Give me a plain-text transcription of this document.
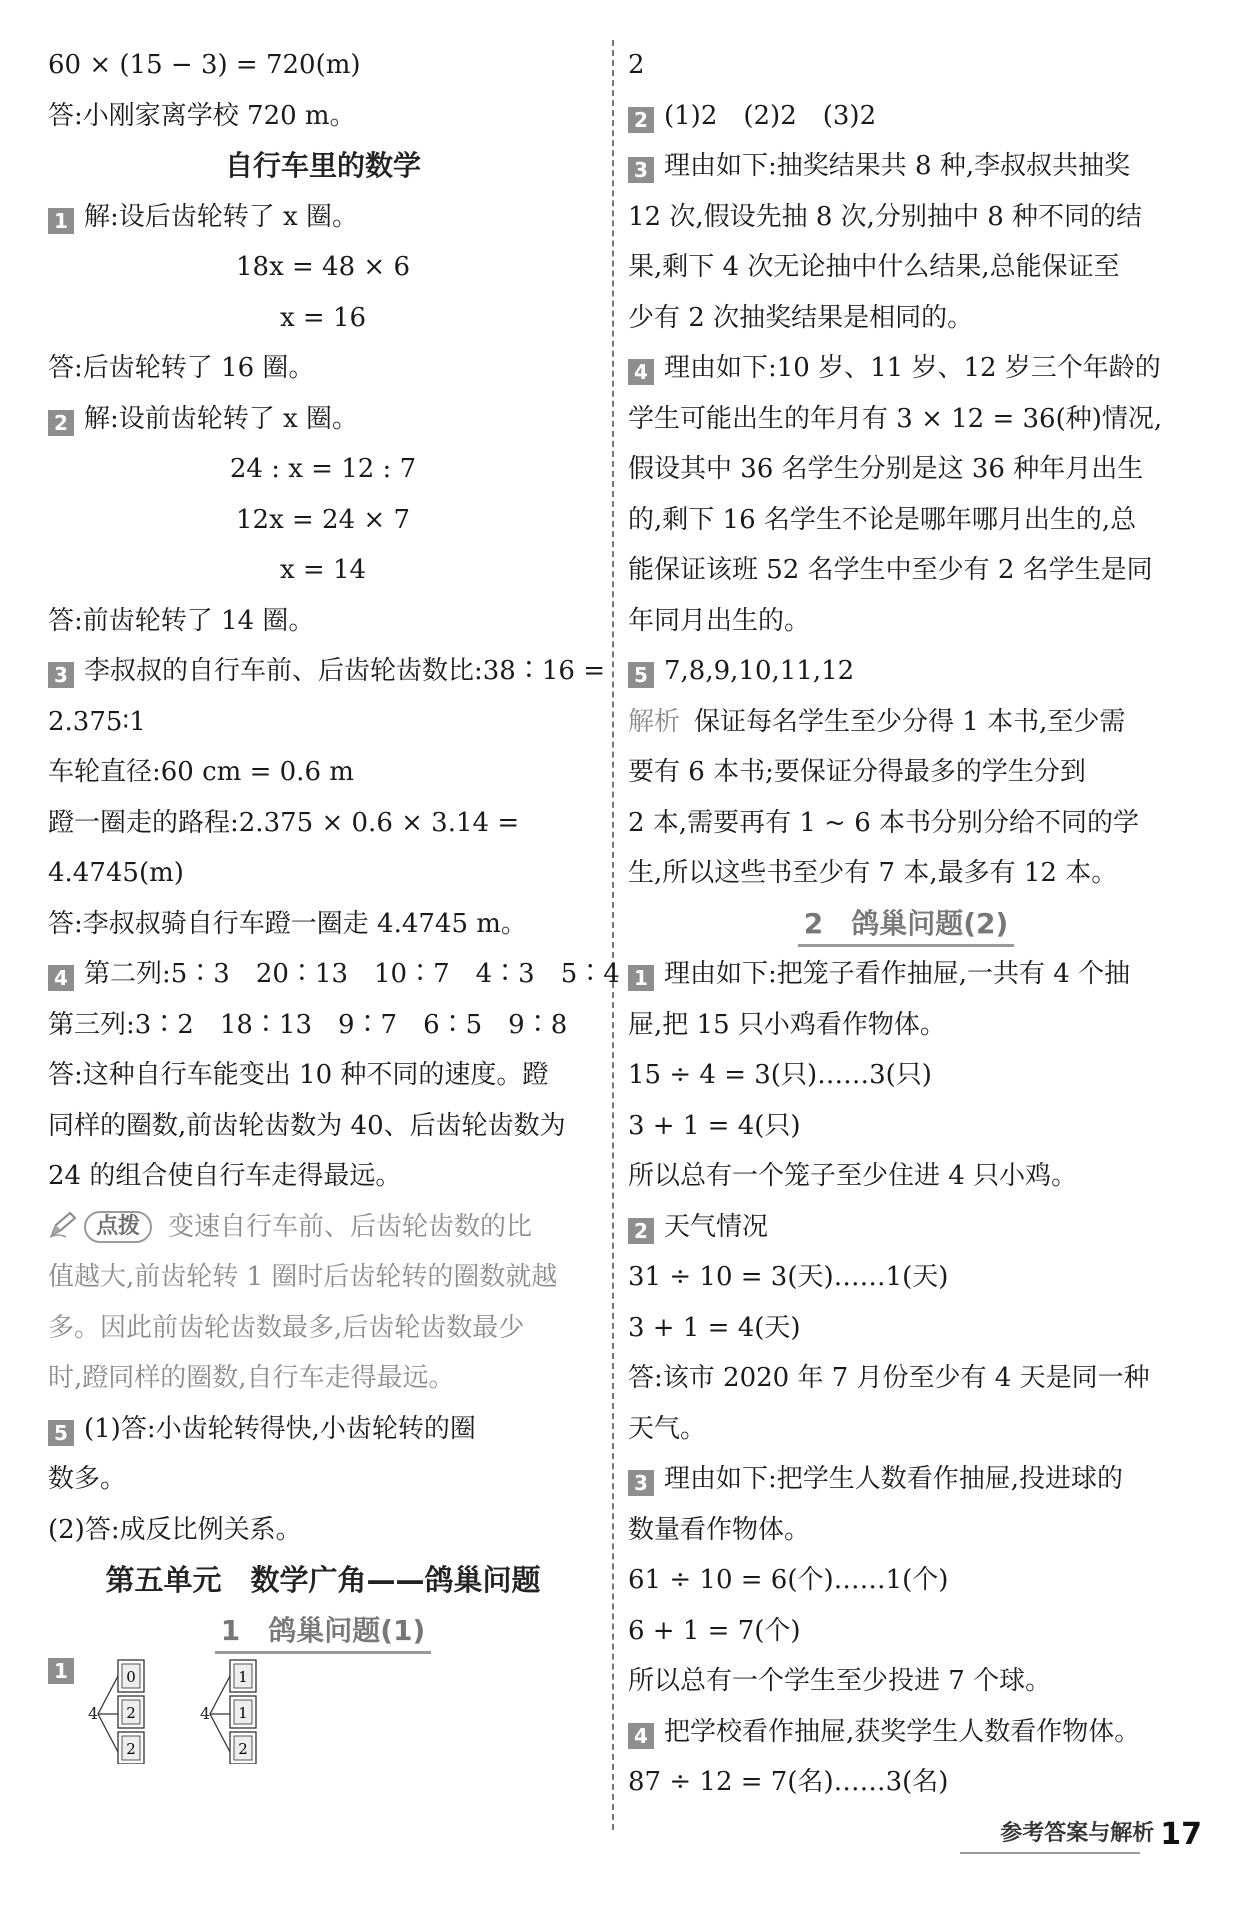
60 × (15 − 3) = 720(m)
答:小刚家离学校 720 m。
自行车里的数学
1 解:设后齿轮转了 x 圈。
18x = 48 × 6
x = 16
答:后齿轮转了 16 圈。
2 解:设前齿轮转了 x 圈。
24 : x = 12 : 7
12x = 24 × 7
x = 14
答:前齿轮转了 14 圈。
3 李叔叔的自行车前、后齿轮齿数比:38∶16 =
2.375∶1
车轮直径:60 cm = 0.6 m
蹬一圈走的路程:2.375 × 0.6 × 3.14 =
4.4745(m)
答:李叔叔骑自行车蹬一圈走 4.4745 m。
4 第二列:5∶3　20∶13　10∶7　4∶3　5∶4
第三列:3∶2　18∶13　9∶7　6∶5　9∶8
答:这种自行车能变出 10 种不同的速度。蹬
同样的圈数,前齿轮齿数为 40、后齿轮齿数为
24 的组合使自行车走得最远。
点拨 变速自行车前、后齿轮齿数的比
值越大,前齿轮转 1 圈时后齿轮转的圈数就越
多。因此前齿轮齿数最多,后齿轮齿数最少
时,蹬同样的圈数,自行车走得最远。
5 (1)答:小齿轮转得快,小齿轮转的圈
数多。
(2)答:成反比例关系。
第五单元　数学广角——鸽巢问题
1　鸽巢问题(1)
1
4
0
2
2
4
1
1
2
2
2 (1)2　(2)2　(3)2
3 理由如下:抽奖结果共 8 种,李叔叔共抽奖
12 次,假设先抽 8 次,分别抽中 8 种不同的结
果,剩下 4 次无论抽中什么结果,总能保证至
少有 2 次抽奖结果是相同的。
4 理由如下:10 岁、11 岁、12 岁三个年龄的
学生可能出生的年月有 3 × 12 = 36(种)情况,
假设其中 36 名学生分别是这 36 种年月出生
的,剩下 16 名学生不论是哪年哪月出生的,总
能保证该班 52 名学生中至少有 2 名学生是同
年同月出生的。
5 7,8,9,10,11,12
解析 保证每名学生至少分得 1 本书,至少需
要有 6 本书;要保证分得最多的学生分到
2 本,需要再有 1 ~ 6 本书分别分给不同的学
生,所以这些书至少有 7 本,最多有 12 本。
2　鸽巢问题(2)
1 理由如下:把笼子看作抽屉,一共有 4 个抽
屉,把 15 只小鸡看作物体。
15 ÷ 4 = 3(只)……3(只)
3 + 1 = 4(只)
所以总有一个笼子至少住进 4 只小鸡。
2 天气情况
31 ÷ 10 = 3(天)……1(天)
3 + 1 = 4(天)
答:该市 2020 年 7 月份至少有 4 天是同一种
天气。
3 理由如下:把学生人数看作抽屉,投进球的
数量看作物体。
61 ÷ 10 = 6(个)……1(个)
6 + 1 = 7(个)
所以总有一个学生至少投进 7 个球。
4 把学校看作抽屉,获奖学生人数看作物体。
87 ÷ 12 = 7(名)……3(名)
参考答案与解析 17
